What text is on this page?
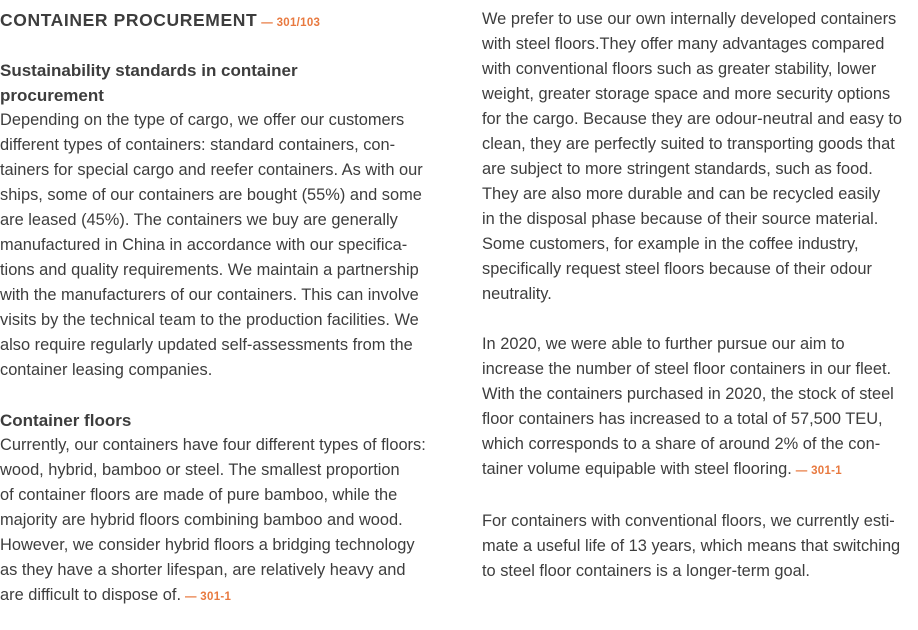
CONTAINER PROCUREMENT — 301/103

Sustainability standards in container
procurement

Depending on the type of cargo, we offer our customers
different types of containers: standard containers, con-
tainers for special cargo and reefer containers. As with our
ships, some of our containers are bought (55%) and some
are leased (45%). The containers we buy are generally
manufactured in China in accordance with our specifica-
tions and quality requirements. We maintain a partnership
with the manufacturers of our containers. This can involve
visits by the technical team to the production facilities. We
also require regularly updated self-assessments from the
container leasing companies.

Container floors

Currently, our containers have four different types of floors:
wood, hybrid, bamboo or steel. The smallest proportion
of container floors are made of pure bamboo, while the
majority are hybrid floors combining bamboo and wood.
However, we consider hybrid floors a bridging technology
as they have a shorter lifespan, are relatively heavy and
are difficult to dispose of. — 301-1
We prefer to use our own internally developed containers
with steel floors.They offer many advantages compared
with conventional floors such as greater stability, lower
weight, greater storage space and more security options
for the cargo. Because they are odour-neutral and easy to
clean, they are perfectly suited to transporting goods that
are subject to more stringent standards, such as food.
They are also more durable and can be recycled easily
in the disposal phase because of their source material.
Some customers, for example in the coffee industry,
specifically request steel floors because of their odour
neutrality.
In 2020, we were able to further pursue our aim to
increase the number of steel floor containers in our fleet.
With the containers purchased in 2020, the stock of steel
floor containers has increased to a total of 57,500 TEU,
which corresponds to a share of around 2% of the con-
tainer volume equipable with steel flooring. — 301-1
For containers with conventional floors, we currently esti-
mate a useful life of 13 years, which means that switching
to steel floor containers is a longer-term goal.
